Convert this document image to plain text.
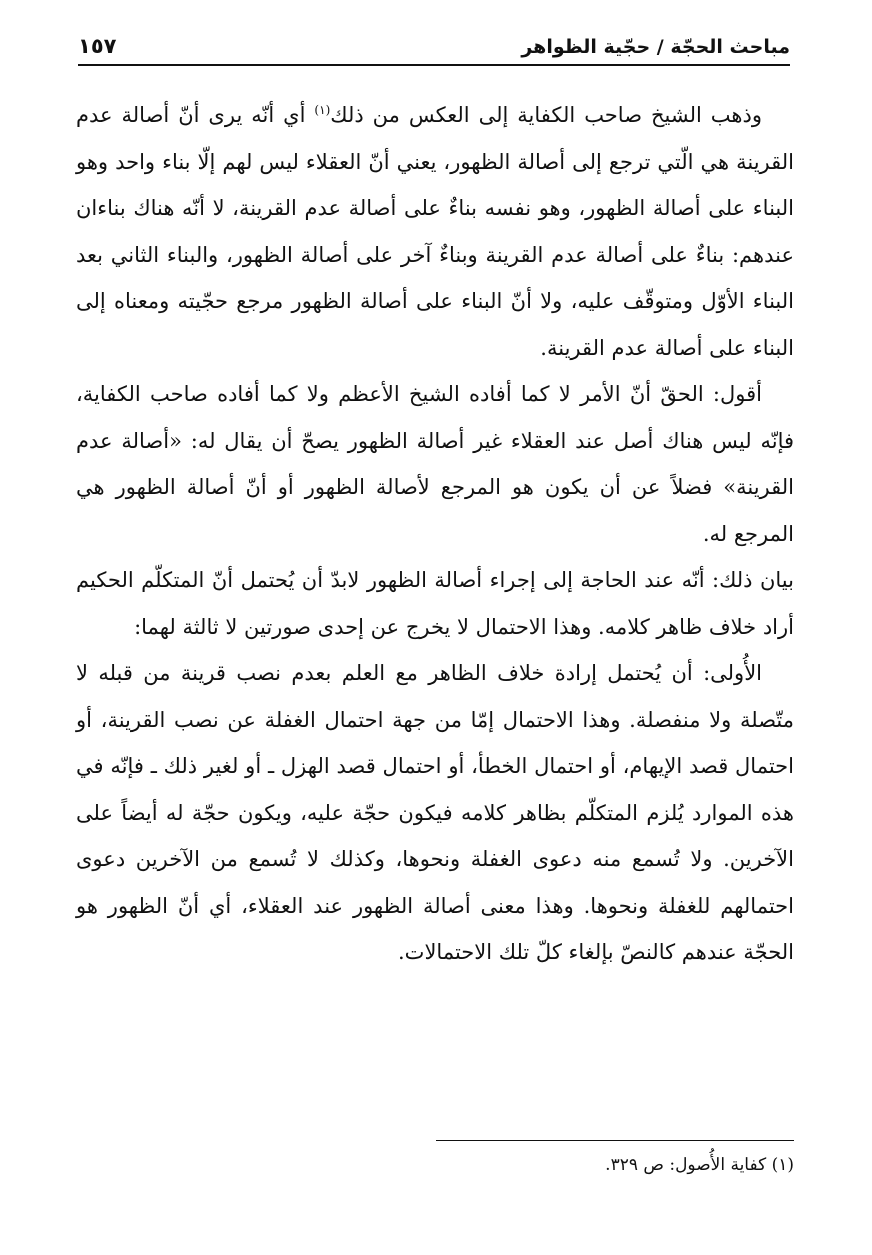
مباحث الحجّة / حجّية الظواهر
١٥٧

وذهب الشيخ صاحب الكفاية إلى العكس من ذلك$^{(١)}$ أي أنّه يرى أنّ أصالة عدم القرينة هي الّتي ترجع إلى أصالة الظهور، يعني أنّ العقلاء ليس لهم إلّا بناء واحد وهو البناء على أصالة الظهور، وهو نفسه بناءٌ على أصالة عدم القرينة، لا أنّه هناك بناءان عندهم: بناءٌ على أصالة عدم القرينة وبناءٌ آخر على أصالة الظهور، والبناء الثاني بعد البناء الأوّل ومتوقّف عليه، ولا أنّ البناء على أصالة الظهور مرجع حجّيته ومعناه إلى البناء على أصالة عدم القرينة.

أقول: الحقّ أنّ الأمر لا كما أفاده الشيخ الأعظم ولا كما أفاده صاحب الكفاية، فإنّه ليس هناك أصل عند العقلاء غير أصالة الظهور يصحّ أن يقال له: «أصالة عدم القرينة» فضلاً عن أن يكون هو المرجع لأصالة الظهور أو أنّ أصالة الظهور هي المرجع له.

بيان ذلك: أنّه عند الحاجة إلى إجراء أصالة الظهور لابدّ أن يُحتمل أنّ المتكلّم الحكيم أراد خلاف ظاهر كلامه. وهذا الاحتمال لا يخرج عن إحدى صورتين لا ثالثة لهما:

الأُولى: أن يُحتمل إرادة خلاف الظاهر مع العلم بعدم نصب قرينة من قبله لا متّصلة ولا منفصلة. وهذا الاحتمال إمّا من جهة احتمال الغفلة عن نصب القرينة، أو احتمال قصد الإيهام، أو احتمال الخطأ، أو احتمال قصد الهزل ـ أو لغير ذلك ـ فإنّه في هذه الموارد يُلزم المتكلّم بظاهر كلامه فيكون حجّة عليه، ويكون حجّة له أيضاً على الآخرين. ولا تُسمع منه دعوى الغفلة ونحوها، وكذلك لا تُسمع من الآخرين دعوى احتمالهم للغفلة ونحوها. وهذا معنى أصالة الظهور عند العقلاء، أي أنّ الظهور هو الحجّة عندهم كالنصّ بإلغاء كلّ تلك الاحتمالات.

(١) كفاية الأُصول: ص ٣٢٩.
